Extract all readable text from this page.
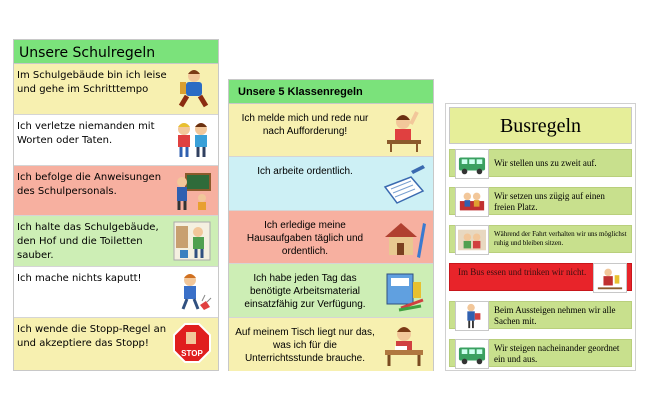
Unsere Schulregeln
Im Schulgebäude bin ich leise und gehe im Schritttempo
Ich verletze niemanden mit Worten oder Taten.
Ich befolge die Anweisungen des Schulpersonals.
Ich halte das Schulgebäude, den Hof und die Toiletten sauber.
Ich mache nichts kaputt!
Ich wende die Stopp-Regel an und akzeptiere das Stopp!
STOP
Unsere 5 Klassenregeln
Ich melde mich und rede nur nach Aufforderung!
Ich arbeite ordentlich.
Ich erledige meine Hausaufgaben täglich und ordentlich.
Ich habe jeden Tag das benötigte Arbeitsmaterial einsatzfähig zur Verfügung.
Auf meinem Tisch liegt nur das, was ich für die Unterrichtsstunde brauche.
Busregeln
Wir stellen uns zu zweit auf.
Wir setzen uns zügig auf einen freien Platz.
Während der Fahrt verhalten wir uns möglichst ruhig und bleiben sitzen.
Im Bus essen und trinken wir nicht.
Beim Aussteigen nehmen wir alle Sachen mit.
Wir steigen nacheinander geordnet ein und aus.
